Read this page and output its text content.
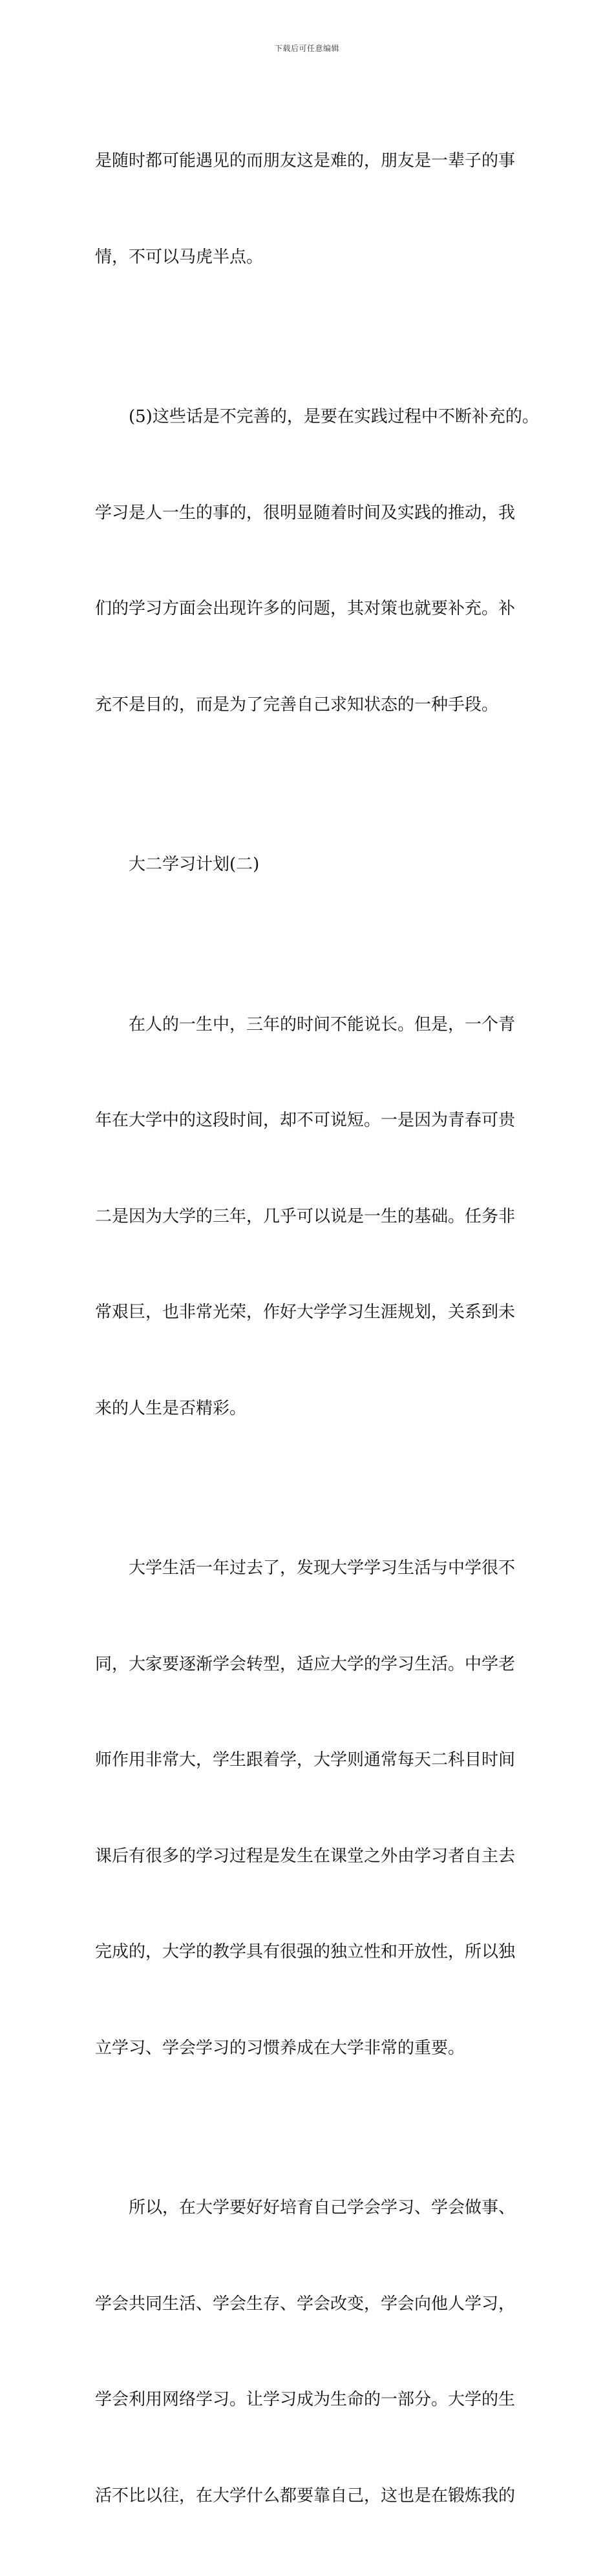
下载后可任意编辑

是随时都可能遇见的而朋友这是难的，朋友是一辈子的事

情，不可以马虎半点。

(5)这些话是不完善的，是要在实践过程中不断补充的。

学习是人一生的事的，很明显随着时间及实践的推动，我

们的学习方面会出现许多的问题，其对策也就要补充。补

充不是目的，而是为了完善自己求知状态的一种手段。

大二学习计划(二)

在人的一生中，三年的时间不能说长。但是，一个青

年在大学中的这段时间，却不可说短。一是因为青春可贵

二是因为大学的三年，几乎可以说是一生的基础。任务非

常艰巨，也非常光荣，作好大学学习生涯规划，关系到未

来的人生是否精彩。

大学生活一年过去了，发现大学学习生活与中学很不

同，大家要逐渐学会转型，适应大学的学习生活。中学老

师作用非常大，学生跟着学，大学则通常每天二科目时间

课后有很多的学习过程是发生在课堂之外由学习者自主去

完成的，大学的教学具有很强的独立性和开放性，所以独

立学习、学会学习的习惯养成在大学非常的重要。

所以，在大学要好好培育自己学会学习、学会做事、

学会共同生活、学会生存、学会改变，学会向他人学习，

学会利用网络学习。让学习成为生命的一部分。大学的生

活不比以往，在大学什么都要靠自己，这也是在锻炼我的
